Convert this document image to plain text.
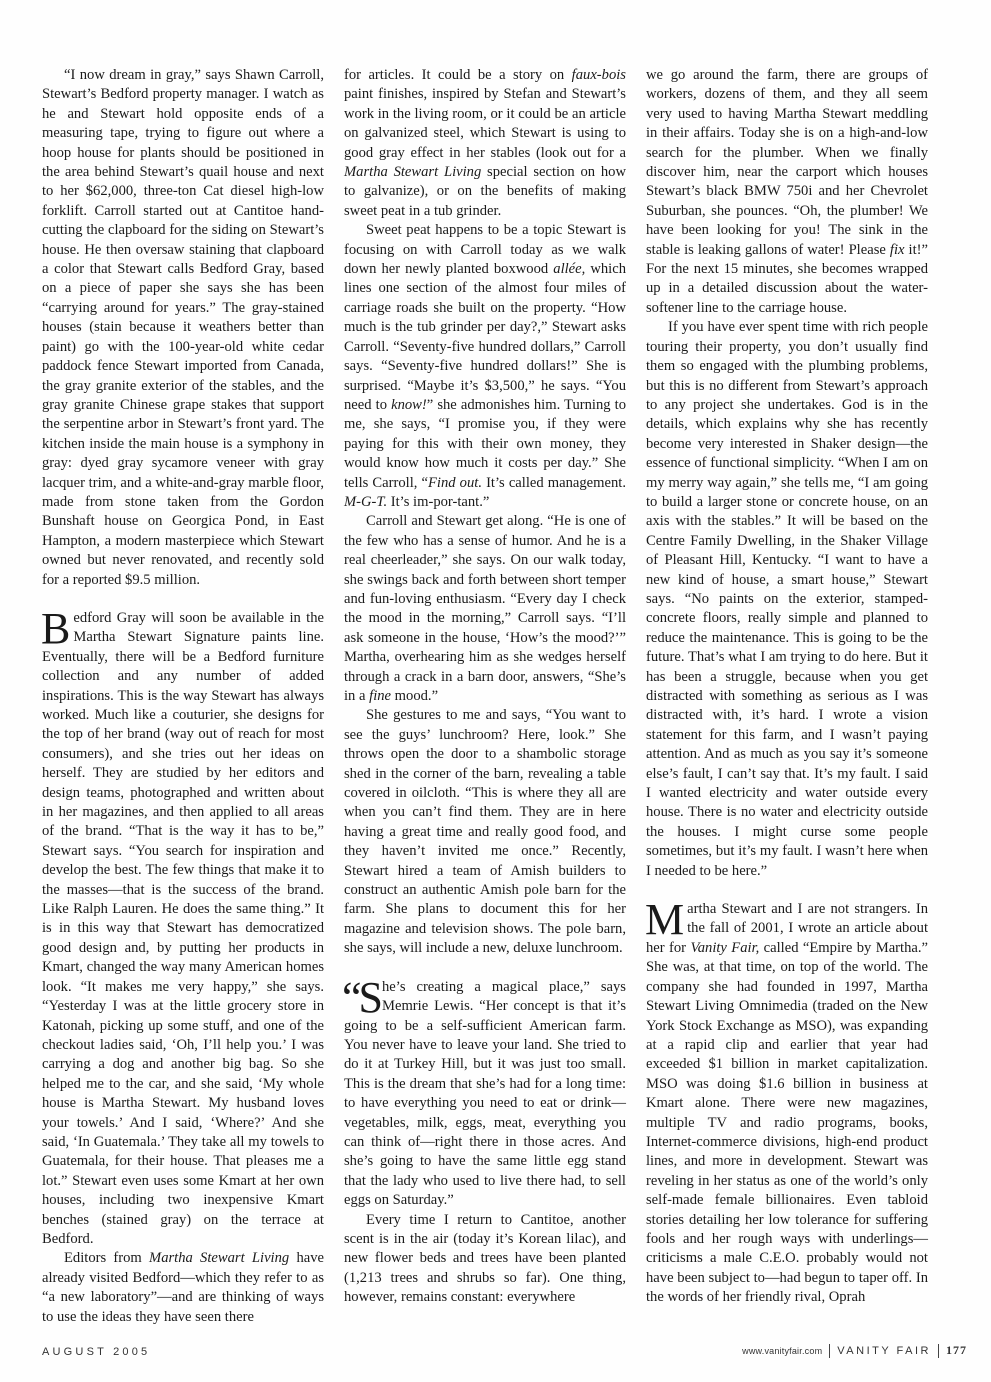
“I now dream in gray,” says Shawn Carroll, Stewart’s Bedford property manager. I watch as he and Stewart hold opposite ends of a measuring tape, trying to figure out where a hoop house for plants should be positioned in the area behind Stewart’s quail house and next to her $62,000, three-ton Cat diesel high-low forklift. Carroll started out at Cantitoe hand-cutting the clapboard for the siding on Stewart’s house. He then oversaw staining that clapboard a color that Stewart calls Bedford Gray, based on a piece of paper she says she has been “carrying around for years.” The gray-stained houses (stain because it weathers better than paint) go with the 100-year-old white cedar paddock fence Stewart imported from Canada, the gray granite exterior of the stables, and the gray granite Chinese grape stakes that support the serpentine arbor in Stewart’s front yard. The kitchen inside the main house is a symphony in gray: dyed gray sycamore veneer with gray lacquer trim, and a white-and-gray marble floor, made from stone taken from the Gordon Bunshaft house on Georgica Pond, in East Hampton, a modern masterpiece which Stewart owned but never renovated, and recently sold for a reported $9.5 million.

Bedford Gray will soon be available in the Martha Stewart Signature paints line. Eventually, there will be a Bedford furniture collection and any number of added inspirations. This is the way Stewart has always worked. Much like a couturier, she designs for the top of her brand (way out of reach for most consumers), and she tries out her ideas on herself. They are studied by her editors and design teams, photographed and written about in her magazines, and then applied to all areas of the brand. “That is the way it has to be,” Stewart says. “You search for inspiration and develop the best. The few things that make it to the masses—that is the success of the brand. Like Ralph Lauren. He does the same thing.” It is in this way that Stewart has democratized good design and, by putting her products in Kmart, changed the way many American homes look. “It makes me very happy,” she says. “Yesterday I was at the little grocery store in Katonah, picking up some stuff, and one of the checkout ladies said, ‘Oh, I’ll help you.’ I was carrying a dog and another big bag. So she helped me to the car, and she said, ‘My whole house is Martha Stewart. My husband loves your towels.’ And I said, ‘Where?’ And she said, ‘In Guatemala.’ They take all my towels to Guatemala, for their house. That pleases me a lot.” Stewart even uses some Kmart at her own houses, including two inexpensive Kmart benches (stained gray) on the terrace at Bedford.

Editors from Martha Stewart Living have already visited Bedford—which they refer to as “a new laboratory”—and are thinking of ways to use the ideas they have seen there

for articles. It could be a story on faux-bois paint finishes, inspired by Stefan and Stewart’s work in the living room, or it could be an article on galvanized steel, which Stewart is using to good gray effect in her stables (look out for a Martha Stewart Living special section on how to galvanize), or on the benefits of making sweet peat in a tub grinder.

Sweet peat happens to be a topic Stewart is focusing on with Carroll today as we walk down her newly planted boxwood allée, which lines one section of the almost four miles of carriage roads she built on the property. “How much is the tub grinder per day?,” Stewart asks Carroll. “Seventy-five hundred dollars,” Carroll says. “Seventy-five hundred dollars!” She is surprised. “Maybe it’s $3,500,” he says. “You need to know!” she admonishes him. Turning to me, she says, “I promise you, if they were paying for this with their own money, they would know how much it costs per day.” She tells Carroll, “Find out. It’s called management. M-G-T. It’s im-por-tant.”

Carroll and Stewart get along. “He is one of the few who has a sense of humor. And he is a real cheerleader,” she says. On our walk today, she swings back and forth between short temper and fun-loving enthusiasm. “Every day I check the mood in the morning,” Carroll says. “I’ll ask someone in the house, ‘How’s the mood?’” Martha, overhearing him as she wedges herself through a crack in a barn door, answers, “She’s in a fine mood.”

She gestures to me and says, “You want to see the guys’ lunchroom? Here, look.” She throws open the door to a shambolic storage shed in the corner of the barn, revealing a table covered in oilcloth. “This is where they all are when you can’t find them. They are in here having a great time and really good food, and they haven’t invited me once.” Recently, Stewart hired a team of Amish builders to construct an authentic Amish pole barn for the farm. She plans to document this for her magazine and television shows. The pole barn, she says, will include a new, deluxe lunchroom.

“She’s creating a magical place,” says Memrie Lewis. “Her concept is that it’s going to be a self-sufficient American farm. You never have to leave your land. She tried to do it at Turkey Hill, but it was just too small. This is the dream that she’s had for a long time: to have everything you need to eat or drink—vegetables, milk, eggs, meat, everything you can think of—right there in those acres. And she’s going to have the same little egg stand that the lady who used to live there had, to sell eggs on Saturday.”

Every time I return to Cantitoe, another scent is in the air (today it’s Korean lilac), and new flower beds and trees have been planted (1,213 trees and shrubs so far). One thing, however, remains constant: everywhere

we go around the farm, there are groups of workers, dozens of them, and they all seem very used to having Martha Stewart meddling in their affairs. Today she is on a high-and-low search for the plumber. When we finally discover him, near the carport which houses Stewart’s black BMW 750i and her Chevrolet Suburban, she pounces. “Oh, the plumber! We have been looking for you! The sink in the stable is leaking gallons of water! Please fix it!” For the next 15 minutes, she becomes wrapped up in a detailed discussion about the water-softener line to the carriage house.

If you have ever spent time with rich people touring their property, you don’t usually find them so engaged with the plumbing problems, but this is no different from Stewart’s approach to any project she undertakes. God is in the details, which explains why she has recently become very interested in Shaker design—the essence of functional simplicity. “When I am on my merry way again,” she tells me, “I am going to build a larger stone or concrete house, on an axis with the stables.” It will be based on the Centre Family Dwelling, in the Shaker Village of Pleasant Hill, Kentucky. “I want to have a new kind of house, a smart house,” Stewart says. “No paints on the exterior, stamped-concrete floors, really simple and planned to reduce the maintenance. This is going to be the future. That’s what I am trying to do here. But it has been a struggle, because when you get distracted with something as serious as I was distracted with, it’s hard. I wrote a vision statement for this farm, and I wasn’t paying attention. And as much as you say it’s someone else’s fault, I can’t say that. It’s my fault. I said I wanted electricity and water outside every house. There is no water and electricity outside the houses. I might curse some people sometimes, but it’s my fault. I wasn’t here when I needed to be here.”

Martha Stewart and I are not strangers. In the fall of 2001, I wrote an article about her for Vanity Fair, called “Empire by Martha.” She was, at that time, on top of the world. The company she had founded in 1997, Martha Stewart Living Omnimedia (traded on the New York Stock Exchange as MSO), was expanding at a rapid clip and earlier that year had exceeded $1 billion in market capitalization. MSO was doing $1.6 billion in business at Kmart alone. There were new magazines, multiple TV and radio programs, books, Internet-commerce divisions, high-end product lines, and more in development. Stewart was reveling in her status as one of the world’s only self-made female billionaires. Even tabloid stories detailing her low tolerance for suffering fools and her rough ways with underlings—criticisms a male C.E.O. probably would not have been subject to—had begun to taper off. In the words of her friendly rival, Oprah

AUGUST 2005	www.vanityfair.com VANITY FAIR 177
